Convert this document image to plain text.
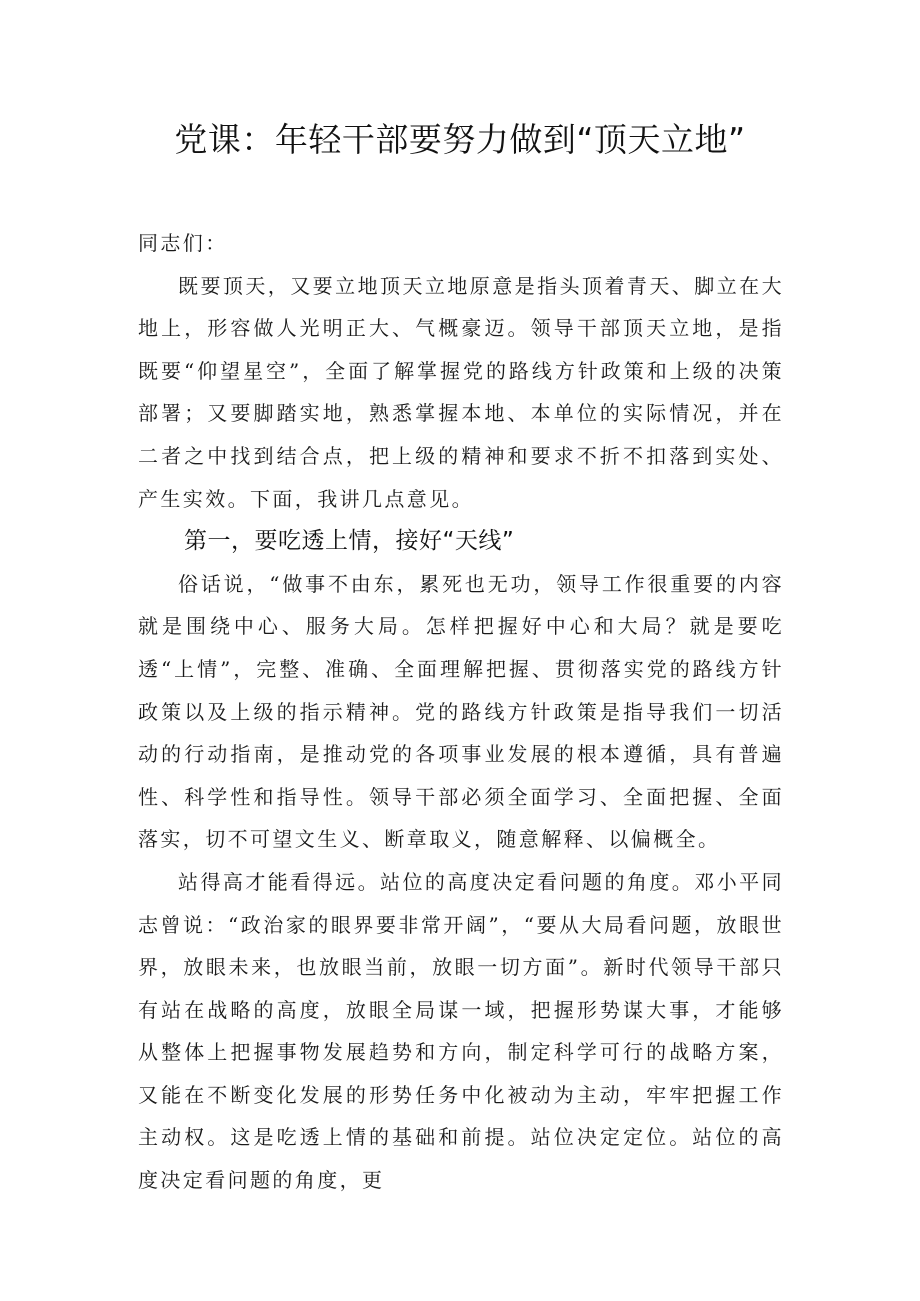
党课：年轻干部要努力做到“顶天立地”

同志们：

既要顶天，又要立地顶天立地原意是指头顶着青天、脚立在大地上，形容做人光明正大、气概豪迈。领导干部顶天立地，是指既要“仰望星空”，全面了解掌握党的路线方针政策和上级的决策部署；又要脚踏实地，熟悉掌握本地、本单位的实际情况，并在二者之中找到结合点，把上级的精神和要求不折不扣落到实处、产生实效。下面，我讲几点意见。

第一，要吃透上情，接好“天线”

俗话说，“做事不由东，累死也无功，领导工作很重要的内容就是围绕中心、服务大局。怎样把握好中心和大局？就是要吃透“上情”，完整、准确、全面理解把握、贯彻落实党的路线方针政策以及上级的指示精神。党的路线方针政策是指导我们一切活动的行动指南，是推动党的各项事业发展的根本遵循，具有普遍性、科学性和指导性。领导干部必须全面学习、全面把握、全面落实，切不可望文生义、断章取义，随意解释、以偏概全。

站得高才能看得远。站位的高度决定看问题的角度。邓小平同志曾说：“政治家的眼界要非常开阔”，“要从大局看问题，放眼世界，放眼未来，也放眼当前，放眼一切方面”。新时代领导干部只有站在战略的高度，放眼全局谋一域，把握形势谋大事，才能够从整体上把握事物发展趋势和方向，制定科学可行的战略方案，又能在不断变化发展的形势任务中化被动为主动，牢牢把握工作主动权。这是吃透上情的基础和前提。站位决定定位。站位的高度决定看问题的角度，更
